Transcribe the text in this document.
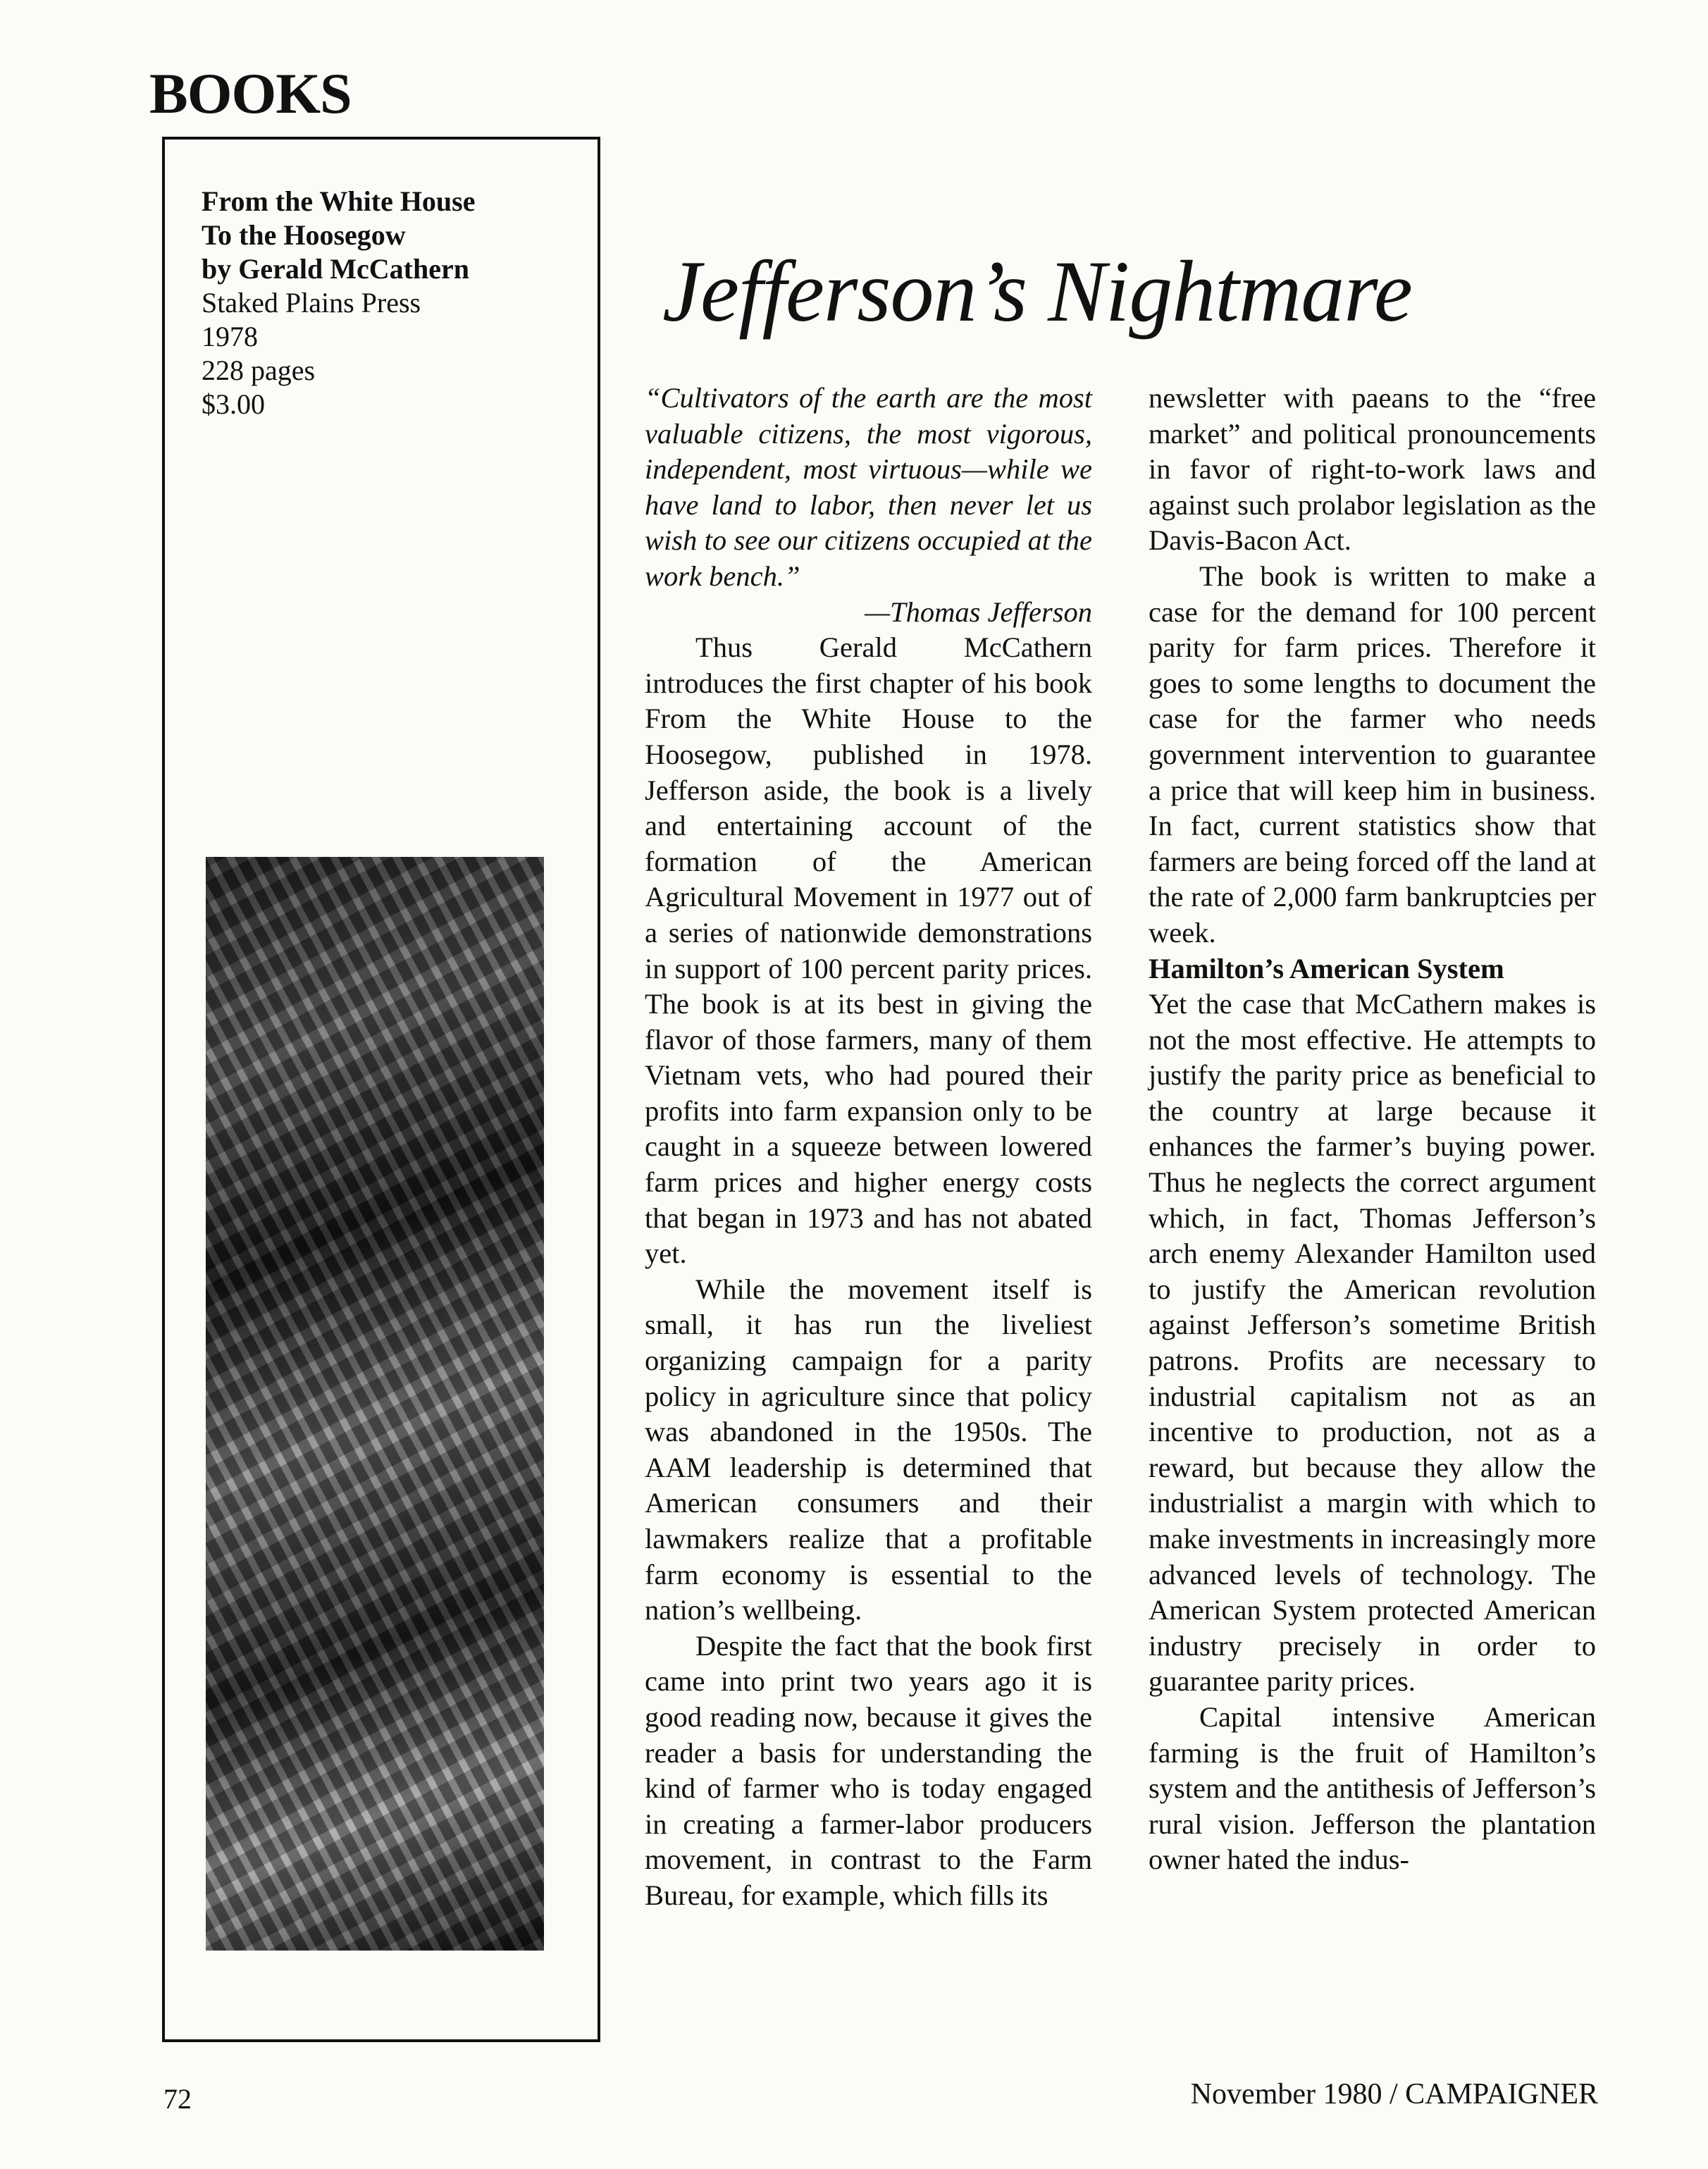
BOOKS
From the White House
To the Hoosegow
by Gerald McCathern
Staked Plains Press
1978
228 pages
$3.00
Jefferson’s Nightmare

“Cultivators of the earth are the most valuable citizens, the most vigorous, independent, most virtuous—while we have land to labor, then never let us wish to see our citizens occupied at the work bench.”

—Thomas Jefferson

Thus Gerald McCathern introduces the first chapter of his book From the White House to the Hoosegow, published in 1978. Jefferson aside, the book is a lively and entertaining account of the formation of the American Agricultural Movement in 1977 out of a series of nationwide demonstrations in support of 100 percent parity prices. The book is at its best in giving the flavor of those farmers, many of them Vietnam vets, who had poured their profits into farm expansion only to be caught in a squeeze between lowered farm prices and higher energy costs that began in 1973 and has not abated yet.

While the movement itself is small, it has run the liveliest organizing campaign for a parity policy in agriculture since that policy was abandoned in the 1950s. The AAM leadership is determined that American consumers and their lawmakers realize that a profitable farm economy is essential to the nation’s wellbeing.

Despite the fact that the book first came into print two years ago it is good reading now, because it gives the reader a basis for understanding the kind of farmer who is today engaged in creating a farmer-labor producers movement, in contrast to the Farm Bureau, for example, which fills its

newsletter with paeans to the “free market” and political pronouncements in favor of right-to-work laws and against such prolabor legislation as the Davis-Bacon Act.

The book is written to make a case for the demand for 100 percent parity for farm prices. Therefore it goes to some lengths to document the case for the farmer who needs government intervention to guarantee a price that will keep him in business. In fact, current statistics show that farmers are being forced off the land at the rate of 2,000 farm bankruptcies per week.

Hamilton’s American System

Yet the case that McCathern makes is not the most effective. He attempts to justify the parity price as beneficial to the country at large because it enhances the farmer’s buying power. Thus he neglects the correct argument which, in fact, Thomas Jefferson’s arch enemy Alexander Hamilton used to justify the American revolution against Jefferson’s sometime British patrons. Profits are necessary to industrial capitalism not as an incentive to production, not as a reward, but because they allow the industrialist a margin with which to make investments in increasingly more advanced levels of technology. The American System protected American industry precisely in order to guarantee parity prices.

Capital intensive American farming is the fruit of Hamilton’s system and the antithesis of Jefferson’s rural vision. Jefferson the plantation owner hated the indus-

72	November 1980 / CAMPAIGNER
